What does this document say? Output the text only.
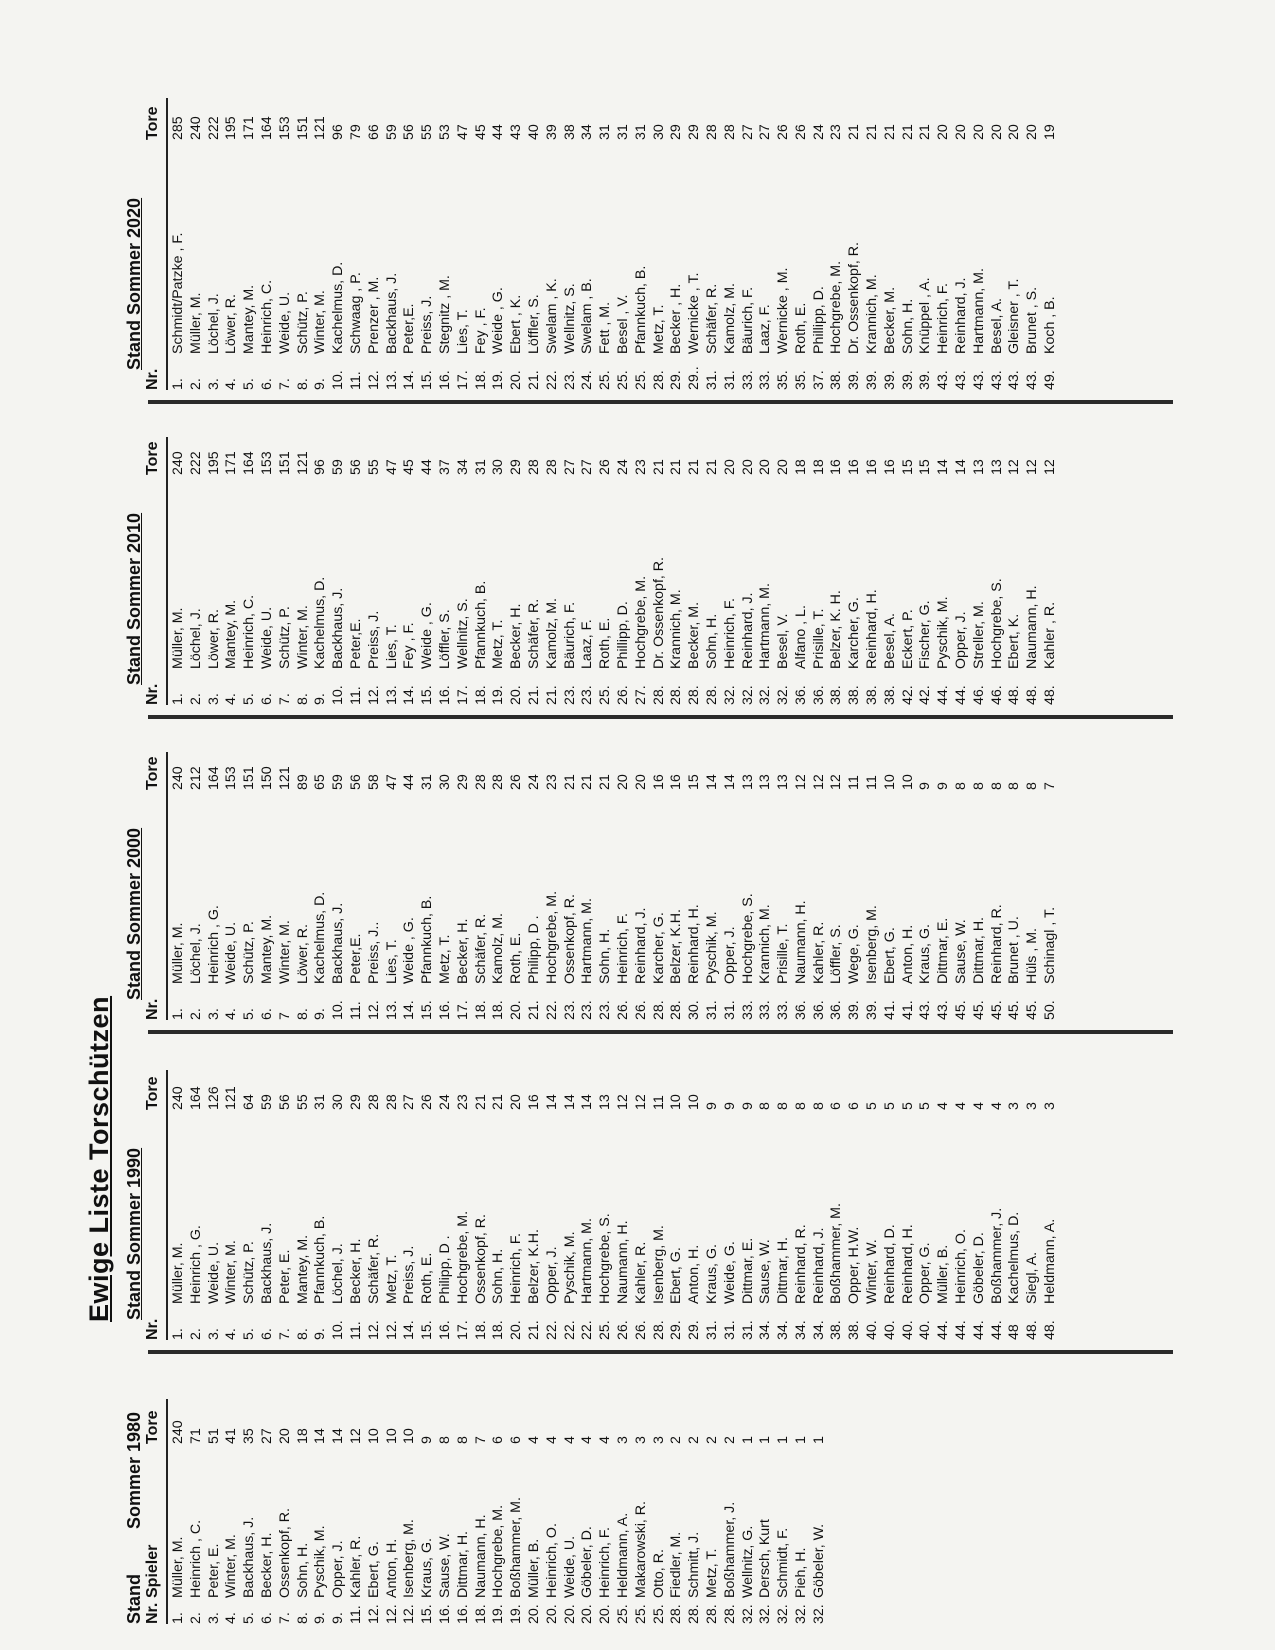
Ewige Liste Torschützen
Stand
Sommer 1980
Nr.
Spieler
Tore
1.
Müller, M.
240
2.
Heinrich , C.
71
3.
Peter, E.
51
4.
Winter, M.
41
5.
Backhaus, J.
35
6.
Becker, H.
27
7.
Ossenkopf, R.
20
8.
Sohn, H.
18
9.
Pyschik, M.
14
9.
Opper, J.
14
11.
Kahler, R.
12
12.
Ebert, G.
10
12.
Anton, H.
10
12.
Isenberg, M.
10
15.
Kraus, G.
9
16.
Sause, W.
8
16.
Dittmar, H.
8
18.
Naumann, H.
7
19.
Hochgrebe, M.
6
19.
Boßhammer, M.
6
20.
Müller, B.
4
20.
Heinrich, O.
4
20.
Weide, U.
4
20.
Göbeler, D.
4
20.
Heinrich, F.
4
25.
Heldmann, A.
3
25.
Makarowski, R.
3
25.
Otto, R.
3
28.
Fiedler, M.
2
28.
Schmitt, J.
2
28.
Metz, T.
2
28.
Boßhammer, J.
2
32.
Wellnitz, G.
1
32.
Dersch, Kurt
1
32.
Schmidt, F.
1
32.
Pieh, H.
1
32.
Göbeler, W.
1
Stand Sommer 1990
Nr.
Tore
1.
Müller, M.
240
2.
Heinrich , G.
164
3.
Weide, U.
126
4.
Winter, M.
121
5.
Schütz, P.
64
6.
Backhaus, J.
59
7.
Peter, E.
56
8.
Mantey, M.
55
9.
Pfannkuch, B.
31
10.
Löchel, J.
30
11.
Becker, H.
29
12.
Schäfer, R.
28
12.
Metz, T.
28
14.
Preiss, J.
27
15.
Roth, E.
26
16.
Philipp, D .
24
17.
Hochgrebe, M.
23
18.
Ossenkopf, R.
21
18.
Sohn, H.
21
20.
Heinrich, F.
20
21.
Belzer, K.H.
16
22.
Opper, J.
14
22.
Pyschik, M.
14
22.
Hartmann, M.
14
25.
Hochgrebe, S.
13
26.
Naumann, H.
12
26.
Kahler, R.
12
28.
Isenberg, M.
11
29.
Ebert, G.
10
29.
Anton, H.
10
31.
Kraus, G.
9
31.
Weide, G.
9
31.
Dittmar, E.
9
34.
Sause, W.
8
34.
Dittmar, H.
8
34.
Reinhard, R.
8
34.
Reinhard, J.
8
38.
Boßhammer, M.
6
38.
Opper, H.W.
6
40.
Winter, W.
5
40.
Reinhard, D.
5
40.
Reinhard, H.
5
40.
Opper, G.
5
44.
Müller, B.
4
44.
Heinrich, O.
4
44.
Göbeler, D.
4
44.
Boßhammer, J.
4
48
Kachelmus, D.
3
48.
Siegl, A.
3
48.
Heldmann, A.
3
Stand Sommer 2000
Nr.
Tore
1.
Müller, M.
240
2.
Löchel, J.
212
3.
Heinrich , G.
164
4.
Weide, U.
153
5.
Schütz, P.
151
6.
Mantey, M.
150
7
Winter, M.
121
8.
Löwer, R.
89
9.
Kachelmus, D.
65
10.
Backhaus, J.
59
11.
Peter,E.
56
12.
Preiss, J..
58
13.
Lies, T.
47
14.
Weide , G.
44
15.
Pfannkuch, B.
31
16.
Metz, T.
30
17.
Becker, H.
29
18.
Schäfer, R.
28
18.
Kamolz, M.
28
20.
Roth, E.
26
21.
Philipp, D .
24
22.
Hochgrebe, M.
23
23.
Ossenkopf, R.
21
23.
Hartmann, M.
21
23.
Sohn, H.
21
26.
Heinrich, F.
20
26.
Reinhard, J.
20
28.
Karcher, G.
16
28.
Belzer, K.H.
16
30.
Reinhard, H.
15
31.
Pyschik, M.
14
31.
Opper, J.
14
33.
Hochgrebe, S.
13
33.
Krannich, M.
13
33.
Prisille, T.
13
36.
Naumann, H.
12
36.
Kahler, R.
12
36.
Löffler, S.
12
39.
Wege, G.
11
39.
Isenberg, M.
11
41.
Ebert, G.
10
41.
Anton, H.
10
43.
Kraus, G.
9
43.
Dittmar, E.
9
45.
Sause, W.
8
45.
Dittmar, H.
8
45.
Reinhard, R.
8
45.
Brunet , U.
8
45.
Hüls , M.
8
50.
Schinagl , T.
7
Stand Sommer 2010
Nr.
Tore
1.
Müller, M.
240
2.
Löchel, J.
222
3.
Löwer, R.
195
4.
Mantey, M.
171
5.
Heinrich, C.
164
6.
Weide, U.
153
7.
Schütz, P.
151
8.
Winter, M.
121
9.
Kachelmus, D.
96
10.
Backhaus, J.
59
11.
Peter,E.
56
12.
Preiss, J.
55
13.
Lies, T.
47
14.
Fey , F.
45
15.
Weide , G.
44
16.
Löffler, S.
37
17.
Wellnitz, S.
34
18.
Pfannkuch, B.
31
19.
Metz, T.
30
20.
Becker, H.
29
21.
Schäfer, R.
28
21.
Kamolz, M.
28
23.
Bäurich, F.
27
23.
Laaz, F.
27
25.
Roth, E.
26
26.
Phillipp, D.
24
27.
Hochgrebe, M.
23
28.
Dr. Ossenkopf, R.
21
28.
Krannich, M.
21
28.
Becker, M.
21
28.
Sohn, H.
21
32.
Heinrich, F.
20
32.
Reinhard, J.
20
32.
Hartmann, M.
20
32.
Besel, V.
20
36.
Alfano , L.
18
36.
Prisille, T.
18
38.
Belzer, K. H.
16
38.
Karcher, G.
16
38.
Reinhard, H.
16
38.
Besel, A.
16
42.
Eckert, P.
15
42.
Fischer, G.
15
44.
Pyschik, M.
14
44.
Opper, J.
14
46.
Streller, M.
13
46.
Hochgrebe, S.
13
48.
Ebert, K.
12
48.
Naumann, H.
12
48.
Kahler , R.
12
Stand Sommer 2020
Nr.
Tore
1.
Schmidt/Patzke , F.
285
2.
Müller, M.
240
3.
Löchel, J.
222
4.
Löwer, R.
195
5.
Mantey, M.
171
6.
Heinrich, C.
164
7.
Weide, U.
153
8.
Schütz, P.
151
9.
Winter, M.
121
10.
Kachelmus, D.
96
11.
Schwaag , P.
79
12.
Prenzer , M.
66
13.
Backhaus, J.
59
14.
Peter,E.
56
15.
Preiss, J.
55
16.
Stegnitz , M.
53
17.
Lies, T.
47
18.
Fey , F.
45
19.
Weide , G.
44
20.
Ebert , K.
43
21.
Löffler, S.
40
22.
Swelam , K.
39
23.
Wellnitz, S.
38
24.
Swelam , B.
34
25.
Fett , M.
31
25.
Besel , V.
31
25.
Pfannkuch, B.
31
28.
Metz, T.
30
29.
Becker , H.
29
29..
Wernicke , T.
29
31.
Schäfer, R.
28
31.
Kamolz, M.
28
33.
Bäurich, F.
27
33.
Laaz, F.
27
35.
Wernicke , M.
26
35.
Roth, E.
26
37.
Phillipp, D.
24
38.
Hochgrebe, M.
23
39.
Dr. Ossenkopf, R.
21
39.
Krannich, M.
21
39.
Becker, M.
21
39.
Sohn, H.
21
39.
Knüppel , A.
21
43.
Heinrich, F.
20
43.
Reinhard, J.
20
43.
Hartmann, M.
20
43.
Besel, A.
20
43.
Gleisner , T.
20
43.
Brunet , S.
20
49.
Koch , B.
19
